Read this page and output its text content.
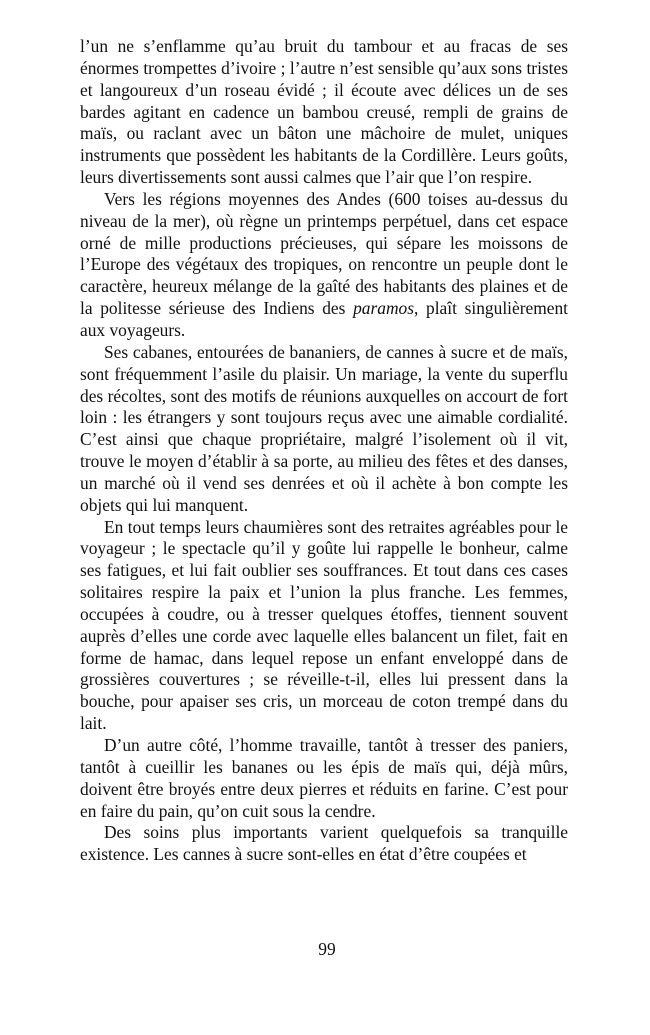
l’un ne s’enflamme qu’au bruit du tambour et au fracas de ses énormes trompettes d’ivoire ; l’autre n’est sensible qu’aux sons tristes et langoureux d’un roseau évidé ; il écoute avec délices un de ses bardes agitant en cadence un bambou creusé, rempli de grains de maïs, ou raclant avec un bâton une mâchoire de mulet, uniques instruments que possèdent les habitants de la Cordillère. Leurs goûts, leurs divertissements sont aussi calmes que l’air que l’on respire.

Vers les régions moyennes des Andes (600 toises au-dessus du niveau de la mer), où règne un printemps perpétuel, dans cet espace orné de mille productions précieuses, qui sépare les moissons de l’Europe des végétaux des tropiques, on rencontre un peuple dont le caractère, heureux mélange de la gaîté des habitants des plaines et de la politesse sérieuse des Indiens des paramos, plaît singulièrement aux voyageurs.

Ses cabanes, entourées de bananiers, de cannes à sucre et de maïs, sont fréquemment l’asile du plaisir. Un mariage, la vente du superflu des récoltes, sont des motifs de réunions auxquelles on accourt de fort loin : les étrangers y sont toujours reçus avec une aimable cordialité. C’est ainsi que chaque propriétaire, malgré l’isolement où il vit, trouve le moyen d’établir à sa porte, au milieu des fêtes et des danses, un marché où il vend ses denrées et où il achète à bon compte les objets qui lui manquent.

En tout temps leurs chaumières sont des retraites agréables pour le voyageur ; le spectacle qu’il y goûte lui rappelle le bonheur, calme ses fatigues, et lui fait oublier ses souffrances. Et tout dans ces cases solitaires respire la paix et l’union la plus franche. Les femmes, occupées à coudre, ou à tresser quelques étoffes, tiennent souvent auprès d’elles une corde avec laquelle elles balancent un filet, fait en forme de hamac, dans lequel repose un enfant enveloppé dans de grossières couvertures ; se réveille-t-il, elles lui pressent dans la bouche, pour apaiser ses cris, un morceau de coton trempé dans du lait.

D’un autre côté, l’homme travaille, tantôt à tresser des paniers, tantôt à cueillir les bananes ou les épis de maïs qui, déjà mûrs, doivent être broyés entre deux pierres et réduits en farine. C’est pour en faire du pain, qu’on cuit sous la cendre.

Des soins plus importants varient quelquefois sa tranquille existence. Les cannes à sucre sont-elles en état d’être coupées et

99
